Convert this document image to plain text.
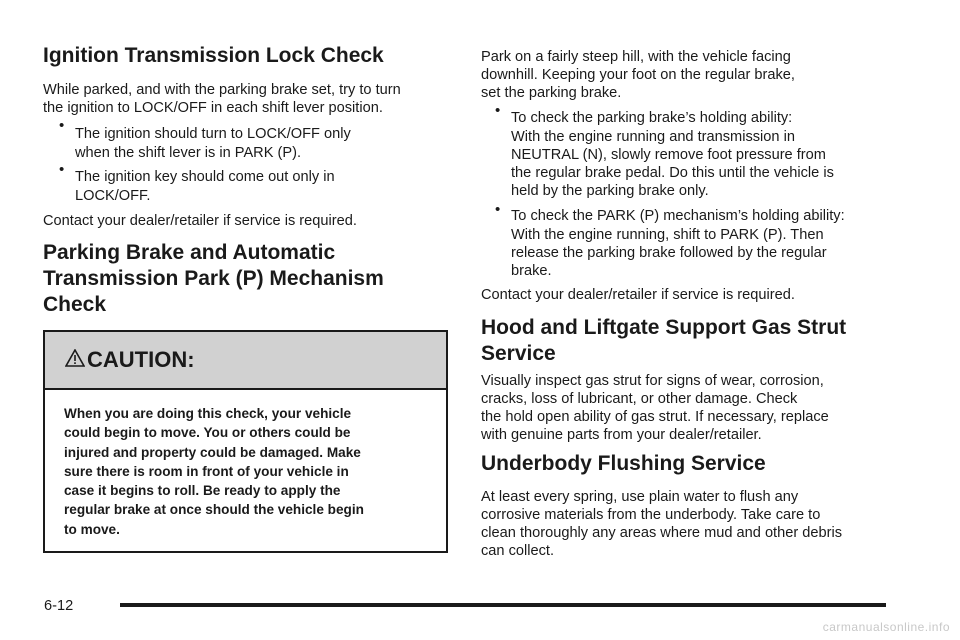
Ignition Transmission Lock Check

While parked, and with the parking brake set, try to turn

the ignition to LOCK/OFF in each shift lever position.

• The ignition should turn to LOCK/OFF only
when the shift lever is in PARK (P).
• The ignition key should come out only in
LOCK/OFF.

Contact your dealer/retailer if service is required.

Parking Brake and Automatic
Transmission Park (P) Mechanism
Check
CAUTION:
When you are doing this check, your vehicle
could begin to move. You or others could be
injured and property could be damaged. Make
sure there is room in front of your vehicle in
case it begins to roll. Be ready to apply the
regular brake at once should the vehicle begin
to move.

Park on a fairly steep hill, with the vehicle facing

downhill. Keeping your foot on the regular brake,

set the parking brake.

• To check the parking brake’s holding ability:
With the engine running and transmission in
NEUTRAL (N), slowly remove foot pressure from
the regular brake pedal. Do this until the vehicle is
held by the parking brake only.
• To check the PARK (P) mechanism’s holding ability:
With the engine running, shift to PARK (P). Then
release the parking brake followed by the regular
brake.

Contact your dealer/retailer if service is required.

Hood and Liftgate Support Gas Strut
Service

Visually inspect gas strut for signs of wear, corrosion,

cracks, loss of lubricant, or other damage. Check

the hold open ability of gas strut. If necessary, replace

with genuine parts from your dealer/retailer.

Underbody Flushing Service

At least every spring, use plain water to flush any

corrosive materials from the underbody. Take care to

clean thoroughly any areas where mud and other debris

can collect.

6-12
carmanualsonline.info
